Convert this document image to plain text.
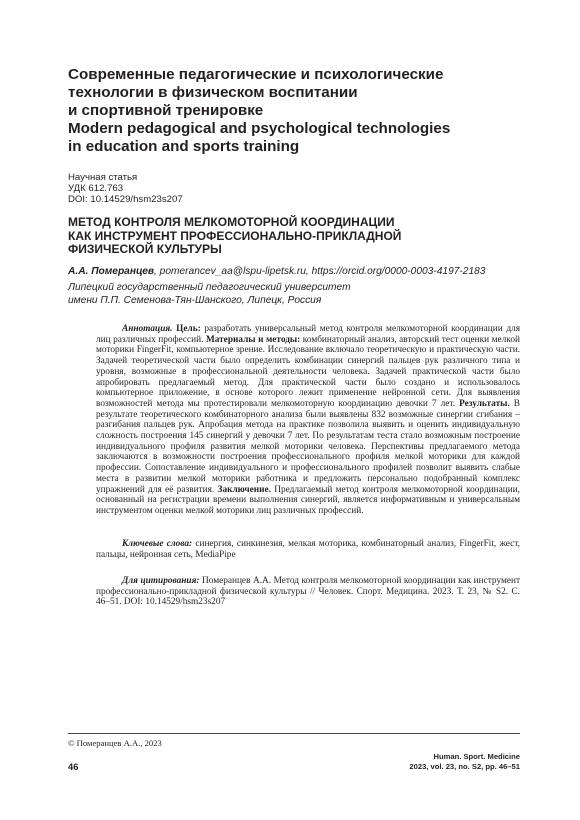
Современные педагогические и психологические
технологии в физическом воспитании
и спортивной тренировке
Modern pedagogical and psychological technologies
in education and sports training
Научная статья
УДК 612.763
DOI: 10.14529/hsm23s207
МЕТОД КОНТРОЛЯ МЕЛКОМОТОРНОЙ КООРДИНАЦИИ
КАК ИНСТРУМЕНТ ПРОФЕССИОНАЛЬНО-ПРИКЛАДНОЙ
ФИЗИЧЕСКОЙ КУЛЬТУРЫ
А.А. Померанцев, pomerancev_aa@lspu-lipetsk.ru, https://orcid.org/0000-0003-4197-2183
Липецкий государственный педагогический университет
имени П.П. Семенова-Тян-Шанского, Липецк, Россия
Аннотация. Цель: разработать универсальный метод контроля мелкомоторной координации для лиц различных профессий. Материалы и методы: комбинаторный анализ, авторский тест оценки мелкой моторики FingerFit, компьютерное зрение. Исследование включало теоретическую и практическую части. Задачей теоретической части было определить комбинации синергий пальцев рук различного типа и уровня, возможные в профессиональной деятельности человека. Задачей практической части было апробировать предлагаемый метод. Для практической части было создано и использовалось компьютерное приложение, в основе которого лежит применение нейронной сети. Для выявления возможностей метода мы протестировали мелкомоторную координацию девочки 7 лет. Результаты. В результате теоретического комбинаторного анализа были выявлены 832 возможные синергии сгибания – разгибания пальцев рук. Апробация метода на практике позволила выявить и оценить индивидуальную сложность построения 145 синергий у девочки 7 лет. По результатам теста стало возможным построение индивидуального профиля развития мелкой моторики человека. Перспективы предлагаемого метода заключаются в возможности построения профессионального профиля мелкой моторики для каждой профессии. Сопоставление индивидуального и профессионального профилей позволит выявить слабые места в развитии мелкой моторики работника и предложить персонально подобранный комплекс упражнений для её развития. Заключение. Предлагаемый метод контроля мелкомоторной координации, основанный на регистрации времени выполнения синергий, является информативным и универсальным инструментом оценки мелкой моторики лиц различных профессий.
Ключевые слова: синергия, синкинезия, мелкая моторика, комбинаторный анализ, FingerFit, жест, пальцы, нейронная сеть, MediaPipe
Для цитирования: Померанцев А.А. Метод контроля мелкомоторной координации как инструмент профессионально-прикладной физической культуры // Человек. Спорт. Медицина. 2023. Т. 23, № S2. С. 46–51. DOI: 10.14529/hsm23s207
© Померанцев А.А., 2023
46
Human. Sport. Medicine
2023, vol. 23, no. S2, pp. 46–51
